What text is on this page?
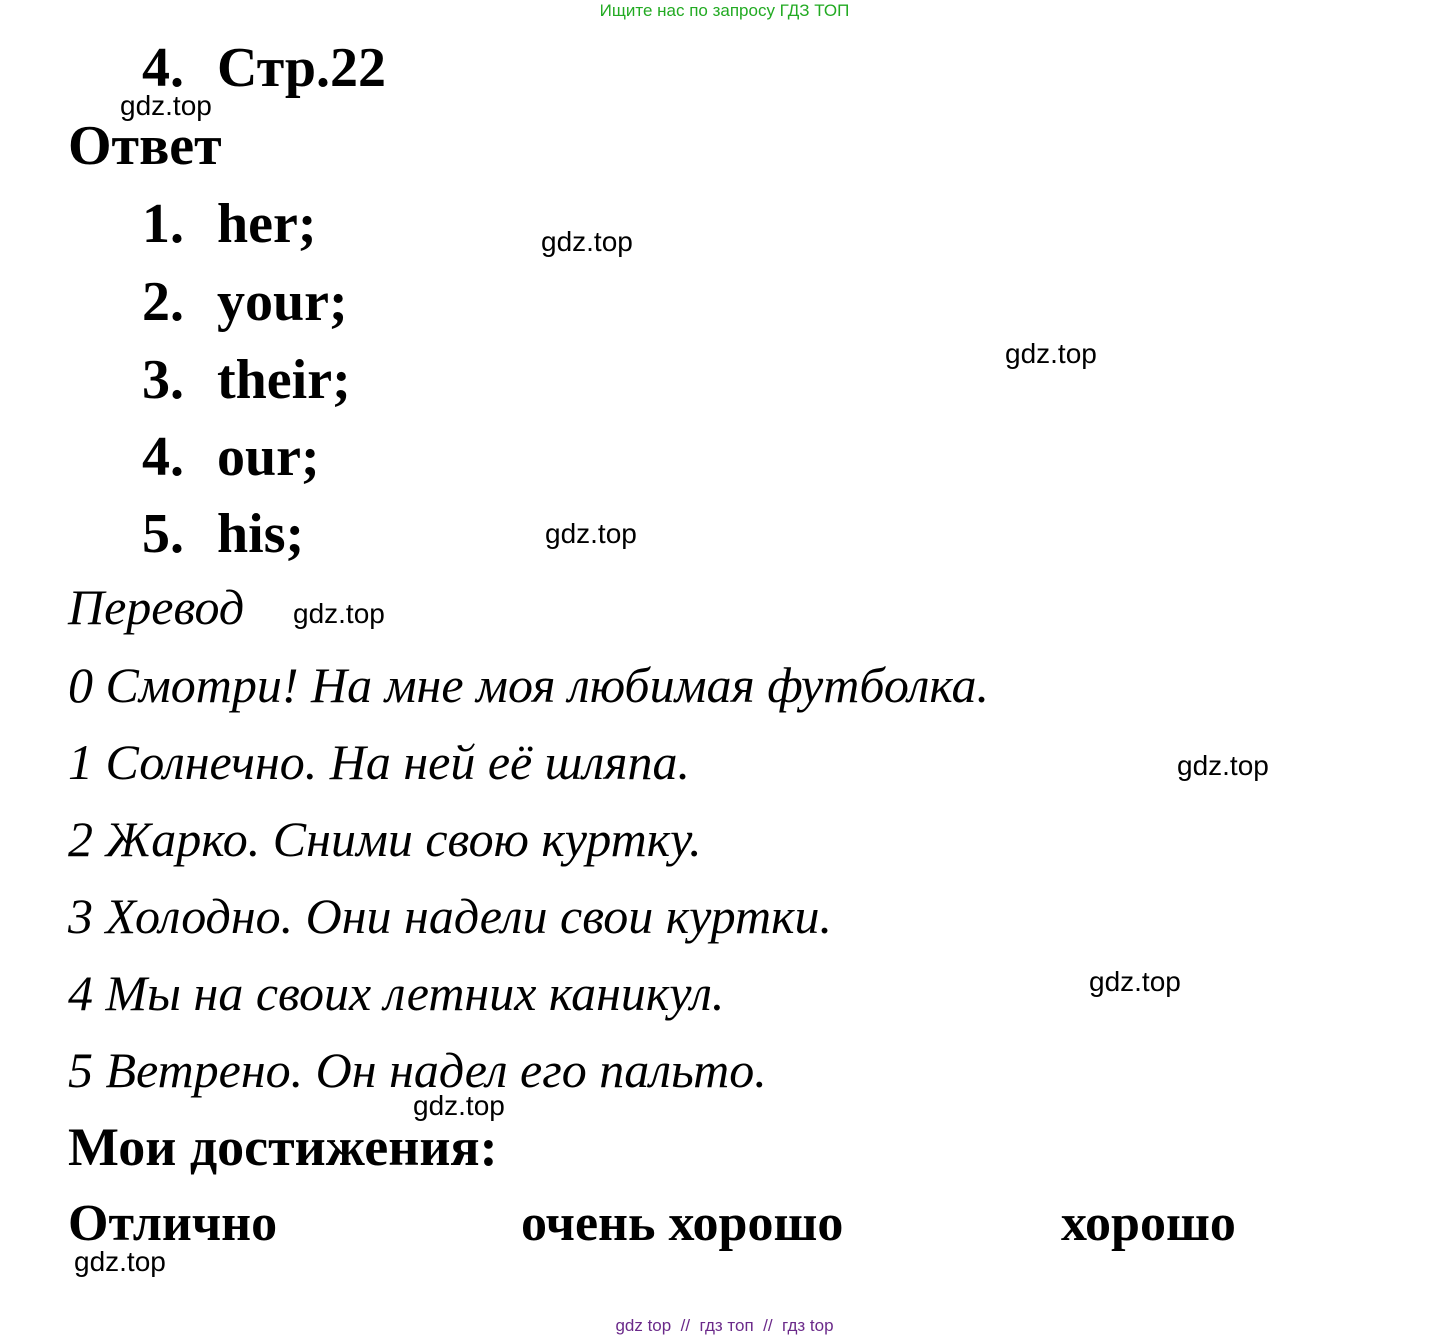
Ищите нас по запросу ГДЗ ТОП
4. Стр.22
Ответ
1. her;
2. your;
3. their;
4. our;
5. his;
Перевод
0 Смотри! На мне моя любимая футболка.
1 Солнечно. На ней её шляпа.
2 Жарко. Сними свою куртку.
3 Холодно. Они надели свои куртки.
4 Мы на своих летних каникул.
5 Ветрено. Он надел его пальто.
Мои достижения:
Отлично	очень хорошо	хорошо
gdz.top
gdz.top
gdz.top
gdz.top
gdz.top
gdz.top
gdz.top
gdz.top
gdz.top
gdz top  //  гдз топ  //  гдз top
